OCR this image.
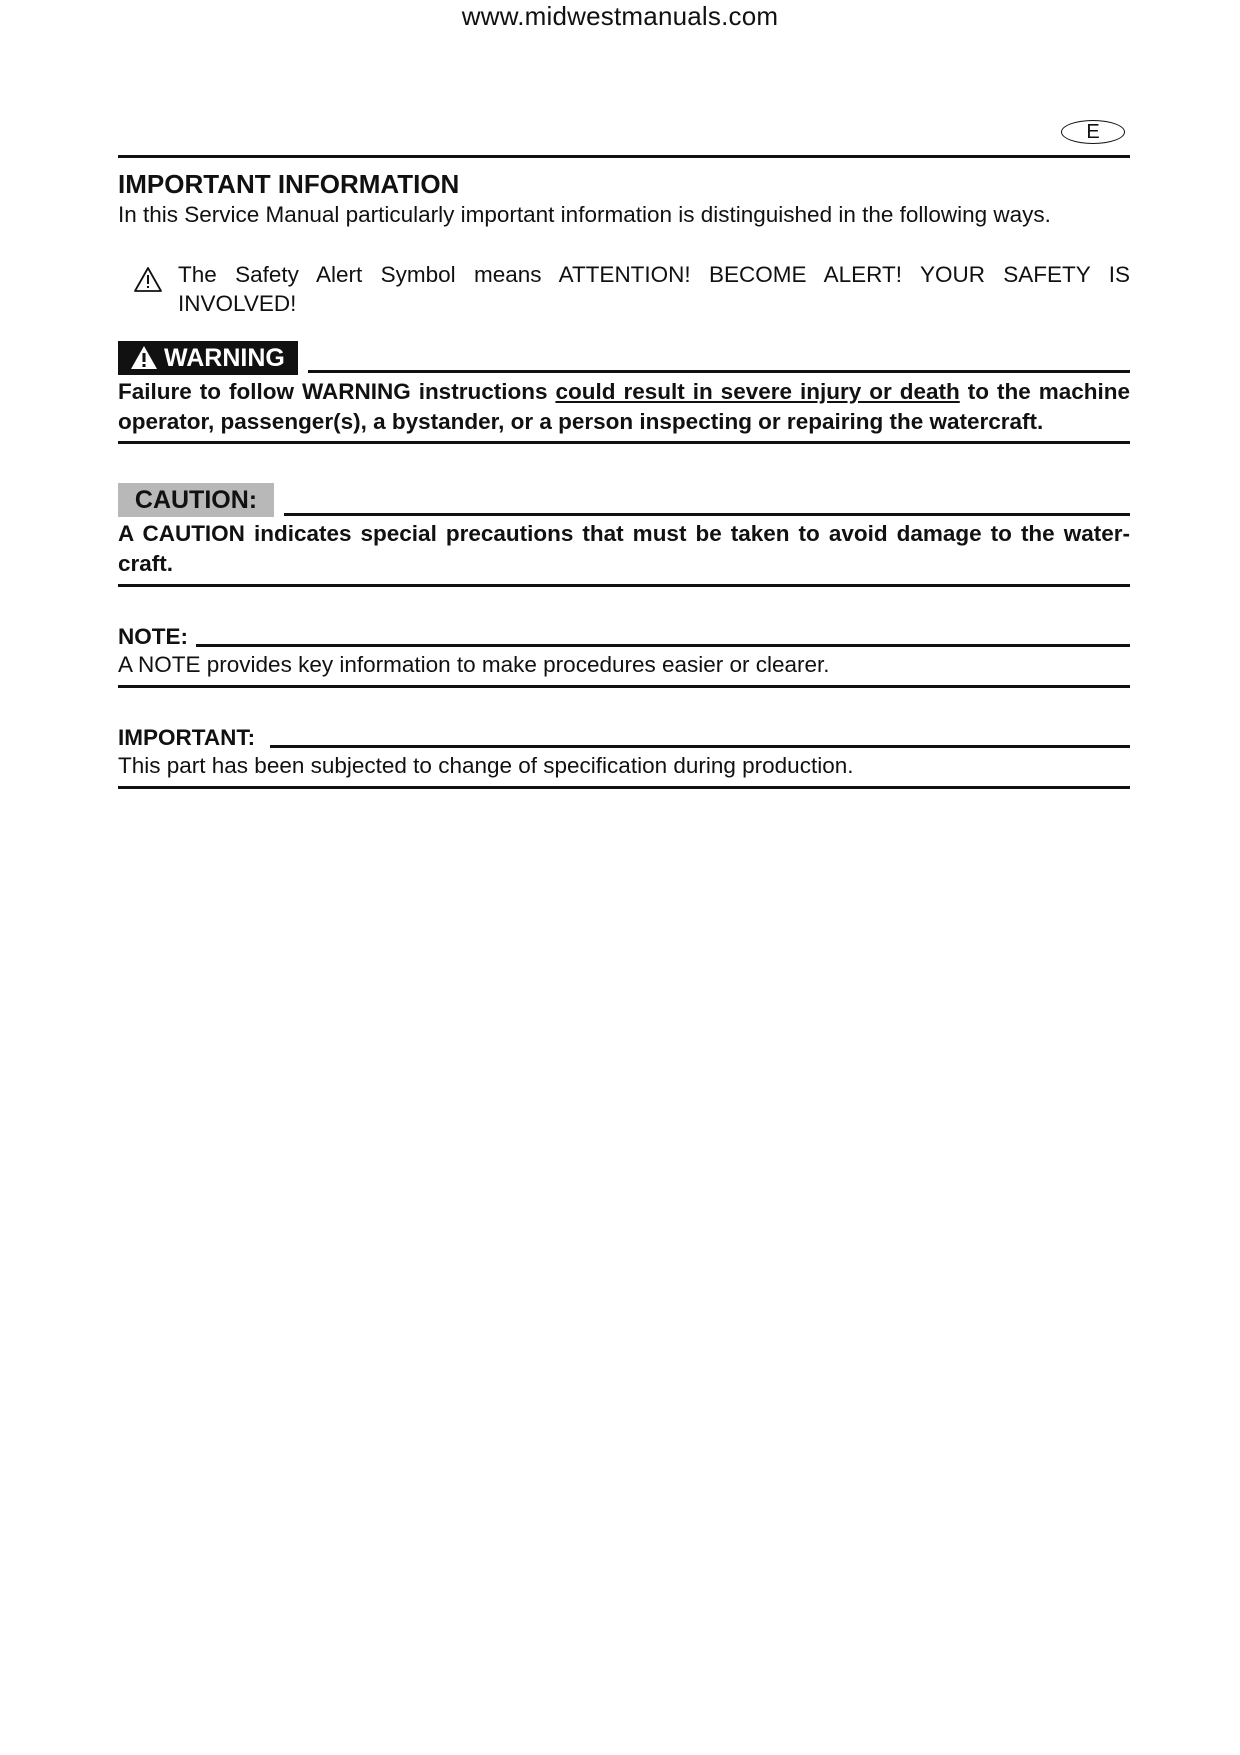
www.midwestmanuals.com
E
IMPORTANT INFORMATION
In this Service Manual particularly important information is distinguished in the following ways.
The Safety Alert Symbol means ATTENTION! BECOME ALERT! YOUR SAFETY IS INVOLVED!
WARNING
Failure to follow WARNING instructions could result in severe injury or death to the machine operator, passenger(s), a bystander, or a person inspecting or repairing the watercraft.
CAUTION:
A CAUTION indicates special precautions that must be taken to avoid damage to the water-craft.
NOTE:
A NOTE provides key information to make procedures easier or clearer.
IMPORTANT:
This part has been subjected to change of specification during production.
